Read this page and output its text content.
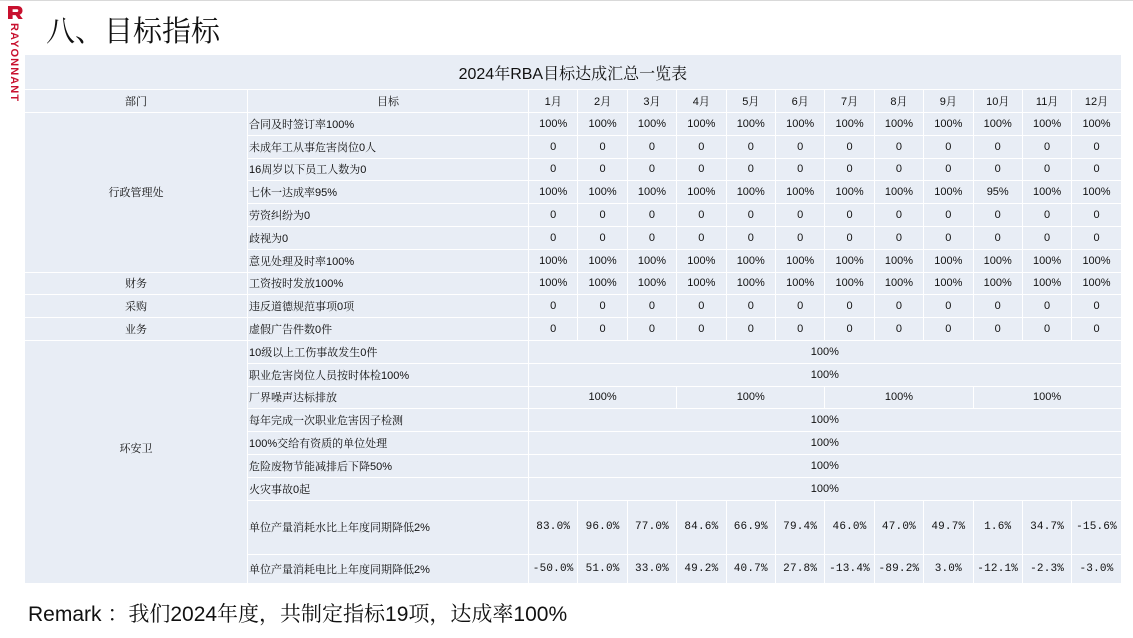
RAYONNANT 八、目标指标
2024年RBA目标达成汇总一览表													
部门	目标	1月	2月	3月	4月	5月	6月	7月	8月	9月	10月	11月	12月
行政管理处	合同及时签订率100%	100%	100%	100%	100%	100%	100%	100%	100%	100%	100%	100%	100%
	未成年工从事危害岗位0人	0	0	0	0	0	0	0	0	0	0	0	0
	16周岁以下员工人数为0	0	0	0	0	0	0	0	0	0	0	0	0
	七休一达成率95%	100%	100%	100%	100%	100%	100%	100%	100%	100%	95%	100%	100%
	劳资纠纷为0	0	0	0	0	0	0	0	0	0	0	0	0
	歧视为0	0	0	0	0	0	0	0	0	0	0	0	0
	意见处理及时率100%	100%	100%	100%	100%	100%	100%	100%	100%	100%	100%	100%	100%
财务	工资按时发放100%	100%	100%	100%	100%	100%	100%	100%	100%	100%	100%	100%	100%
采购	违反道德规范事项0项	0	0	0	0	0	0	0	0	0	0	0	0
业务	虚假广告件数0件	0	0	0	0	0	0	0	0	0	0	0	0
环安卫	10级以上工伤事故发生0件	100%											
	职业危害岗位人员按时体检100%	100%											
	厂界噪声达标排放	100%			100%			100%			100%		
	每年完成一次职业危害因子检测	100%											
	100%交给有资质的单位处理	100%											
	危险废物节能减排后下降50%	100%											
	火灾事故0起	100%											
	单位产量消耗水比上年度同期降低2%	83.0%	96.0%	77.0%	84.6%	66.9%	79.4%	46.0%	47.0%	49.7%	1.6%	34.7%	-15.6%
	单位产量消耗电比上年度同期降低2%	-50.0%	51.0%	33.0%	49.2%	40.7%	27.8%	-13.4%	-89.2%	3.0%	-12.1%	-2.3%	-3.0%

Remark ：我们2024年度，共制定指标19项，达成率100%
